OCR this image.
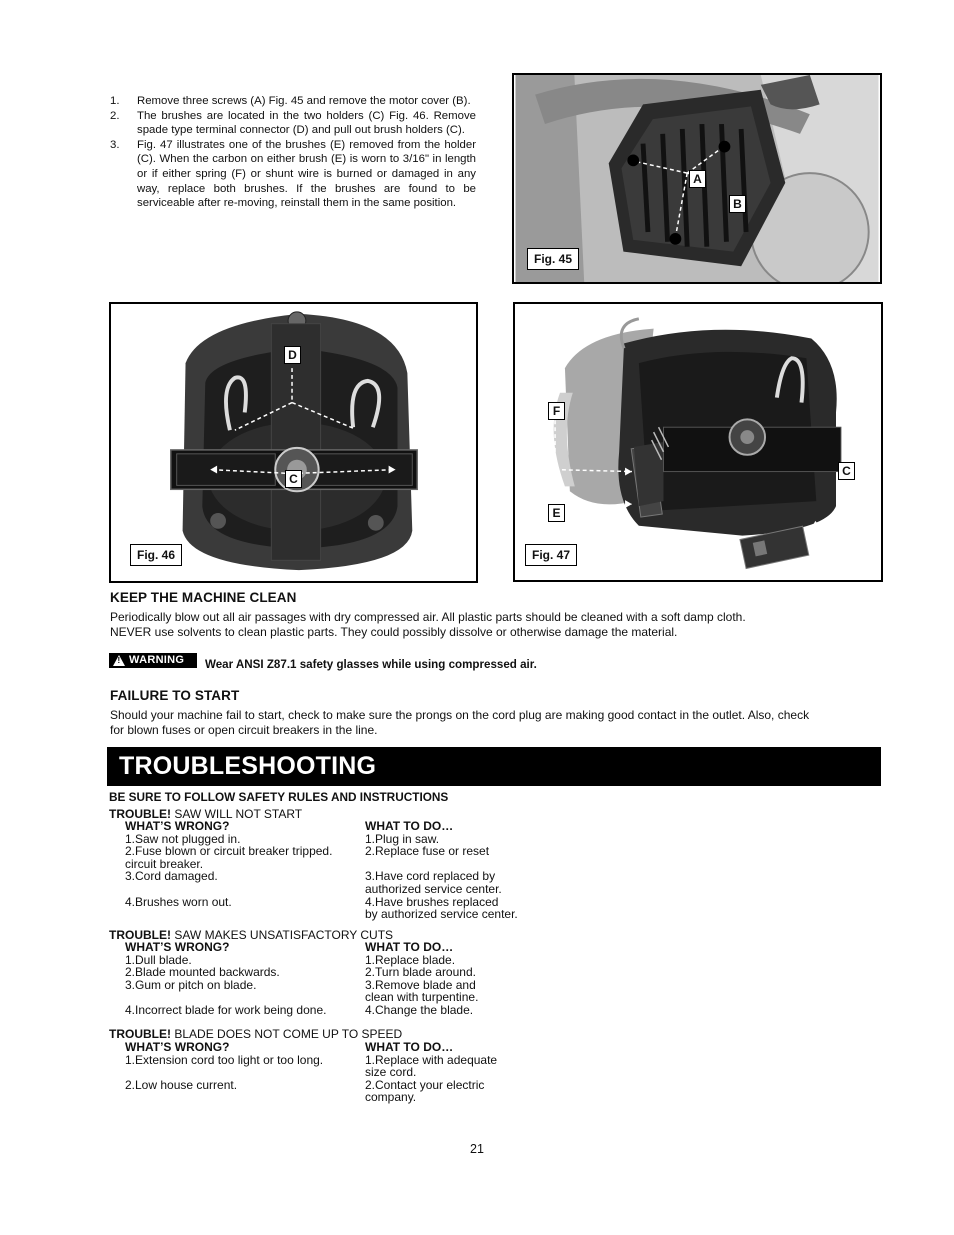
1. Remove three screws (A) Fig. 45 and remove the motor cover (B).
2. The brushes are located in the two holders (C) Fig. 46. Remove spade type terminal connector (D) and pull out brush holders (C).
3. Fig. 47 illustrates one of the brushes (E) removed from the holder (C). When the carbon on either brush (E) is worn to 3/16" in length or if either spring (F) or shunt wire is burned or damaged in any way, replace both brushes. If the brushes are found to be serviceable after re-moving, reinstall them in the same position.
A
B
Fig. 45
D
C
Fig. 46
F
E
C
Fig. 47
KEEP THE MACHINE CLEAN
Periodically blow out all air passages with dry compressed air. All plastic parts should be cleaned with a soft damp cloth.
NEVER use solvents to clean plastic parts. They could possibly dissolve or otherwise damage the material.
! WARNING Wear ANSI Z87.1 safety glasses while using compressed air.
FAILURE TO START
Should your machine fail to start, check to make sure the prongs on the cord plug are making good contact in the outlet. Also, check
for blown fuses or open circuit breakers in the line.
TROUBLESHOOTING
BE SURE TO FOLLOW SAFETY RULES AND INSTRUCTIONS
TROUBLE! SAW WILL NOT START
WHAT’S WRONG?
1.Saw not plugged in.
2.Fuse blown or circuit breaker tripped.
circuit breaker.
3.Cord damaged.
4.Brushes worn out.
WHAT TO DO…
1.Plug in saw.
2.Replace fuse or reset
3.Have cord replaced by
authorized service center.
4.Have brushes replaced
by authorized service center.
TROUBLE! SAW MAKES UNSATISFACTORY CUTS
WHAT’S WRONG?
1.Dull blade.
2.Blade mounted backwards.
3.Gum or pitch on blade.
4.Incorrect blade for work being done.
WHAT TO DO…
1.Replace blade.
2.Turn blade around.
3.Remove blade and
clean with turpentine.
4.Change the blade.
TROUBLE! BLADE DOES NOT COME UP TO SPEED
WHAT’S WRONG?
1.Extension cord too light or too long.
2.Low house current.
WHAT TO DO…
1.Replace with adequate
size cord.
2.Contact your electric
company.
21
